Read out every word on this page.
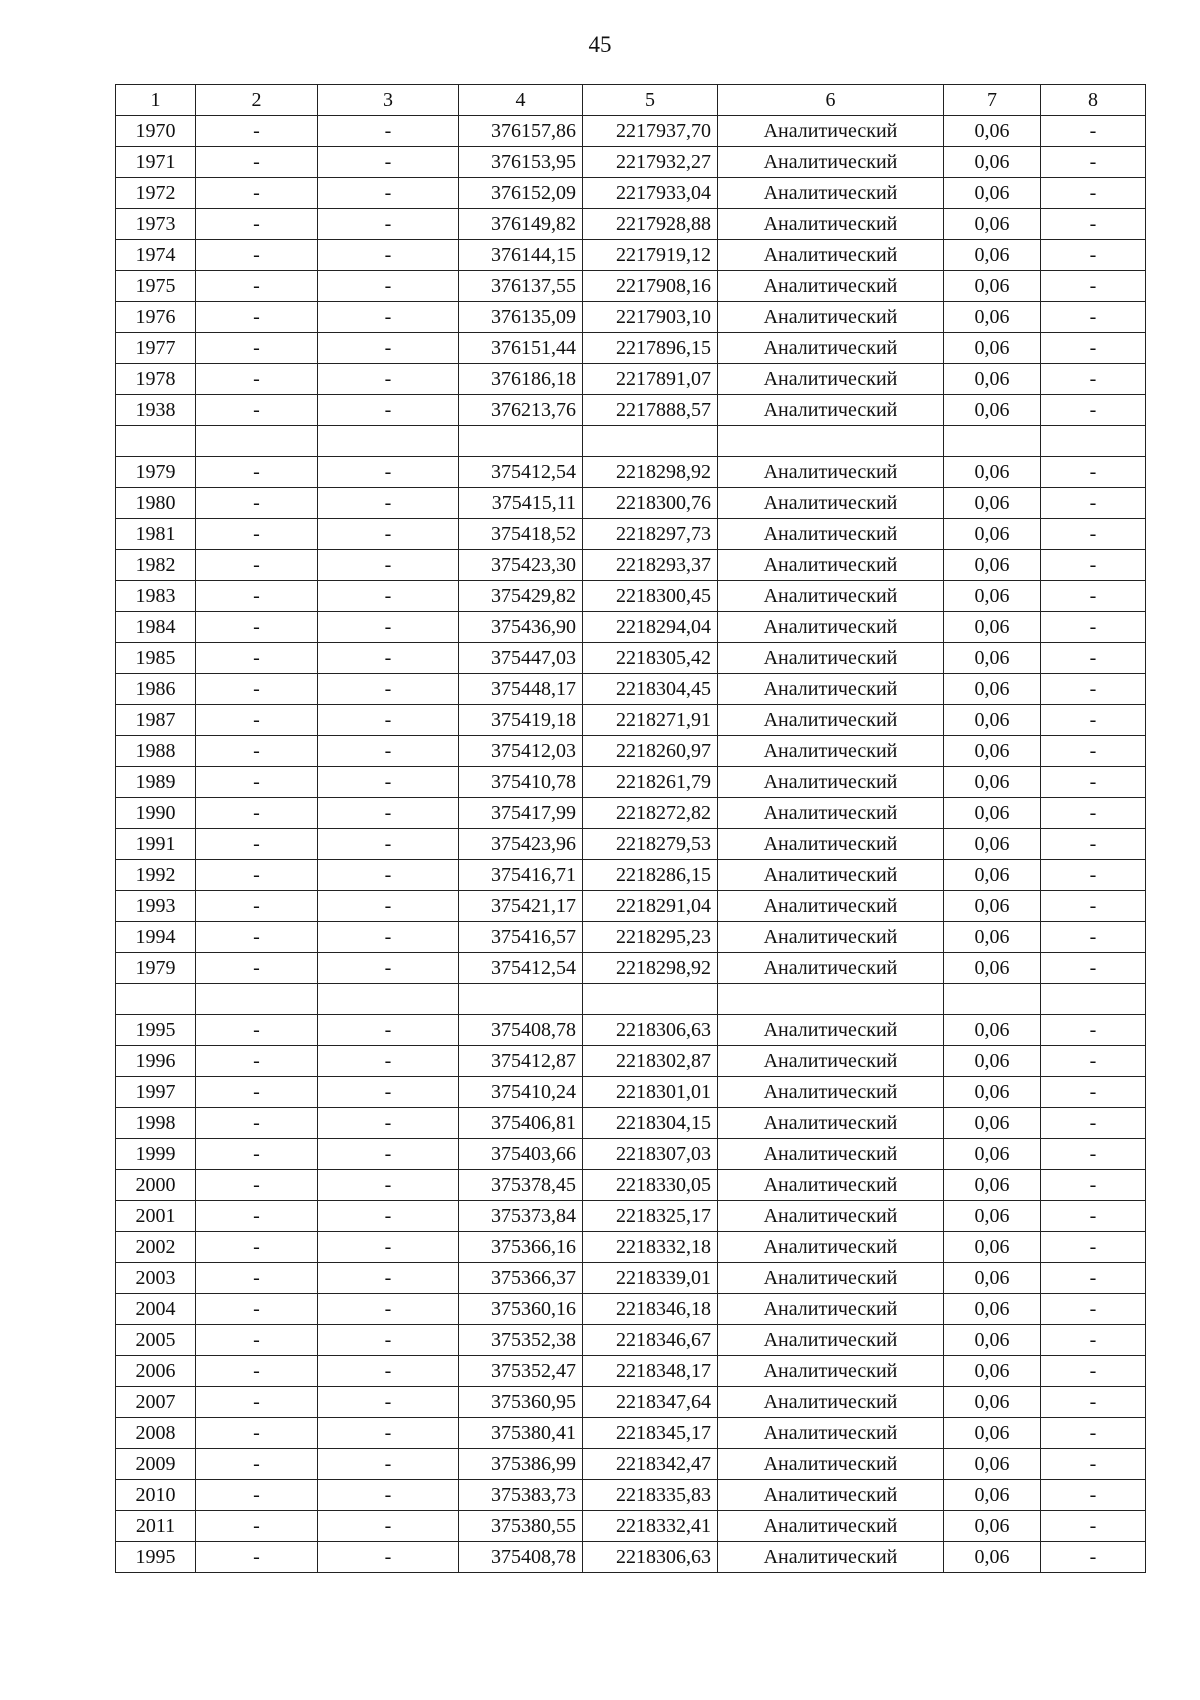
45
1	2	3	4	5	6	7	8
1970	-	-	376157,86	2217937,70	Аналитический	0,06	-
1971	-	-	376153,95	2217932,27	Аналитический	0,06	-
1972	-	-	376152,09	2217933,04	Аналитический	0,06	-
1973	-	-	376149,82	2217928,88	Аналитический	0,06	-
1974	-	-	376144,15	2217919,12	Аналитический	0,06	-
1975	-	-	376137,55	2217908,16	Аналитический	0,06	-
1976	-	-	376135,09	2217903,10	Аналитический	0,06	-
1977	-	-	376151,44	2217896,15	Аналитический	0,06	-
1978	-	-	376186,18	2217891,07	Аналитический	0,06	-
1938	-	-	376213,76	2217888,57	Аналитический	0,06	-

1979	-	-	375412,54	2218298,92	Аналитический	0,06	-
1980	-	-	375415,11	2218300,76	Аналитический	0,06	-
1981	-	-	375418,52	2218297,73	Аналитический	0,06	-
1982	-	-	375423,30	2218293,37	Аналитический	0,06	-
1983	-	-	375429,82	2218300,45	Аналитический	0,06	-
1984	-	-	375436,90	2218294,04	Аналитический	0,06	-
1985	-	-	375447,03	2218305,42	Аналитический	0,06	-
1986	-	-	375448,17	2218304,45	Аналитический	0,06	-
1987	-	-	375419,18	2218271,91	Аналитический	0,06	-
1988	-	-	375412,03	2218260,97	Аналитический	0,06	-
1989	-	-	375410,78	2218261,79	Аналитический	0,06	-
1990	-	-	375417,99	2218272,82	Аналитический	0,06	-
1991	-	-	375423,96	2218279,53	Аналитический	0,06	-
1992	-	-	375416,71	2218286,15	Аналитический	0,06	-
1993	-	-	375421,17	2218291,04	Аналитический	0,06	-
1994	-	-	375416,57	2218295,23	Аналитический	0,06	-
1979	-	-	375412,54	2218298,92	Аналитический	0,06	-

1995	-	-	375408,78	2218306,63	Аналитический	0,06	-
1996	-	-	375412,87	2218302,87	Аналитический	0,06	-
1997	-	-	375410,24	2218301,01	Аналитический	0,06	-
1998	-	-	375406,81	2218304,15	Аналитический	0,06	-
1999	-	-	375403,66	2218307,03	Аналитический	0,06	-
2000	-	-	375378,45	2218330,05	Аналитический	0,06	-
2001	-	-	375373,84	2218325,17	Аналитический	0,06	-
2002	-	-	375366,16	2218332,18	Аналитический	0,06	-
2003	-	-	375366,37	2218339,01	Аналитический	0,06	-
2004	-	-	375360,16	2218346,18	Аналитический	0,06	-
2005	-	-	375352,38	2218346,67	Аналитический	0,06	-
2006	-	-	375352,47	2218348,17	Аналитический	0,06	-
2007	-	-	375360,95	2218347,64	Аналитический	0,06	-
2008	-	-	375380,41	2218345,17	Аналитический	0,06	-
2009	-	-	375386,99	2218342,47	Аналитический	0,06	-
2010	-	-	375383,73	2218335,83	Аналитический	0,06	-
2011	-	-	375380,55	2218332,41	Аналитический	0,06	-
1995	-	-	375408,78	2218306,63	Аналитический	0,06	-
